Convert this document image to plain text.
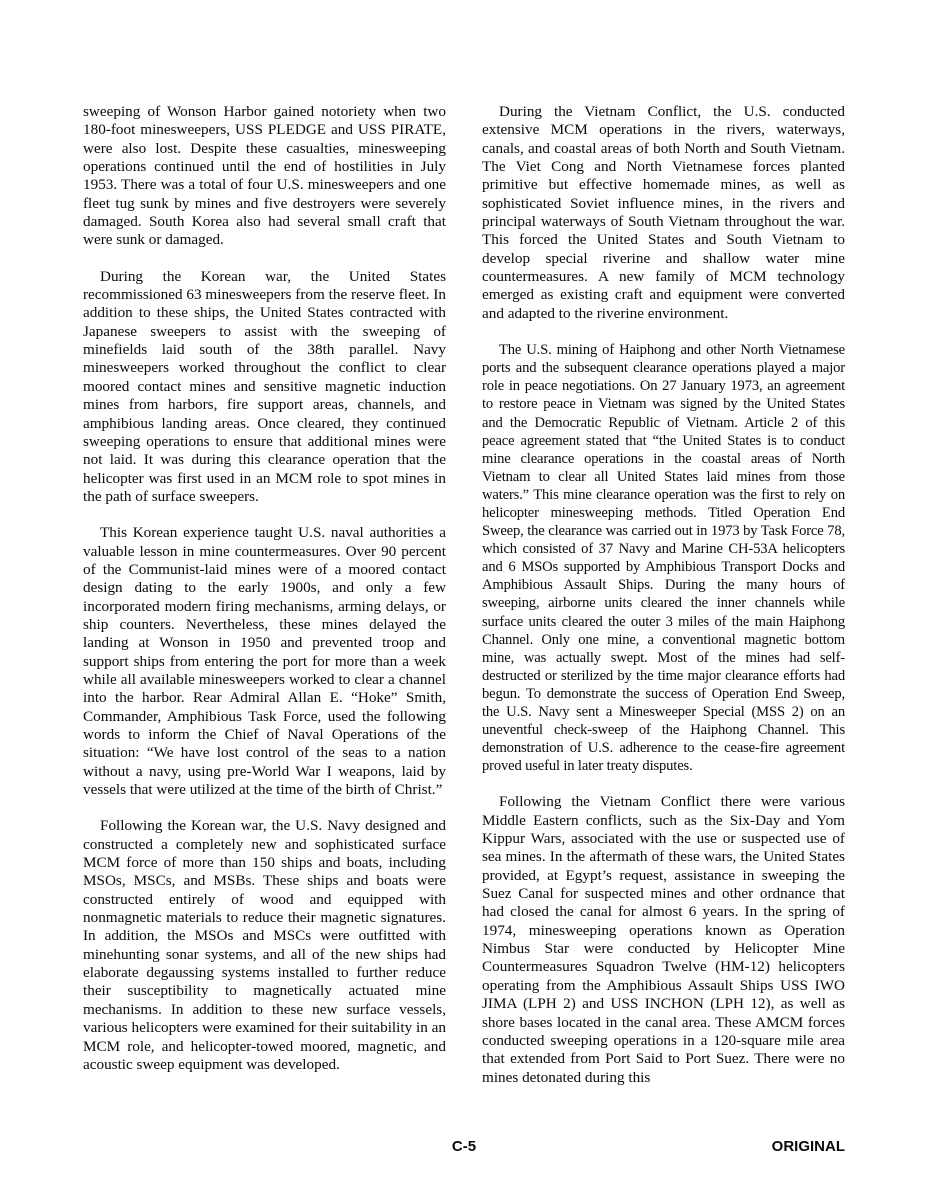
sweeping of Wonson Harbor gained notoriety when two 180-foot minesweepers, USS PLEDGE and USS PIRATE, were also lost. Despite these casualties, minesweeping operations continued until the end of hostilities in July 1953. There was a total of four U.S. minesweepers and one fleet tug sunk by mines and five destroyers were severely damaged. South Korea also had several small craft that were sunk or damaged.

During the Korean war, the United States recommissioned 63 minesweepers from the reserve fleet. In addition to these ships, the United States contracted with Japanese sweepers to assist with the sweeping of minefields laid south of the 38th parallel. Navy minesweepers worked throughout the conflict to clear moored contact mines and sensitive magnetic induction mines from harbors, fire support areas, channels, and amphibious landing areas. Once cleared, they continued sweeping operations to ensure that additional mines were not laid. It was during this clearance operation that the helicopter was first used in an MCM role to spot mines in the path of surface sweepers.

This Korean experience taught U.S. naval authorities a valuable lesson in mine countermeasures. Over 90 percent of the Communist-laid mines were of a moored contact design dating to the early 1900s, and only a few incorporated modern firing mechanisms, arming delays, or ship counters. Nevertheless, these mines delayed the landing at Wonson in 1950 and prevented troop and support ships from entering the port for more than a week while all available minesweepers worked to clear a channel into the harbor. Rear Admiral Allan E. “Hoke” Smith, Commander, Amphibious Task Force, used the following words to inform the Chief of Naval Operations of the situation: “We have lost control of the seas to a nation without a navy, using pre-World War I weapons, laid by vessels that were utilized at the time of the birth of Christ.”

Following the Korean war, the U.S. Navy designed and constructed a completely new and sophisticated surface MCM force of more than 150 ships and boats, including MSOs, MSCs, and MSBs. These ships and boats were constructed entirely of wood and equipped with nonmagnetic materials to reduce their magnetic signatures. In addition, the MSOs and MSCs were outfitted with minehunting sonar systems, and all of the new ships had elaborate degaussing systems installed to further reduce their susceptibility to magnetically actuated mine mechanisms. In addition to these new surface vessels, various helicopters were examined for their suitability in an MCM role, and helicopter-towed moored, magnetic, and acoustic sweep equipment was developed.

During the Vietnam Conflict, the U.S. conducted extensive MCM operations in the rivers, waterways, canals, and coastal areas of both North and South Vietnam. The Viet Cong and North Vietnamese forces planted primitive but effective homemade mines, as well as sophisticated Soviet influence mines, in the rivers and principal waterways of South Vietnam throughout the war. This forced the United States and South Vietnam to develop special riverine and shallow water mine countermeasures. A new family of MCM technology emerged as existing craft and equipment were converted and adapted to the riverine environment.

The U.S. mining of Haiphong and other North Vietnamese ports and the subsequent clearance operations played a major role in peace negotiations. On 27 January 1973, an agreement to restore peace in Vietnam was signed by the United States and the Democratic Republic of Vietnam. Article 2 of this peace agreement stated that “the United States is to conduct mine clearance operations in the coastal areas of North Vietnam to clear all United States laid mines from those waters.” This mine clearance operation was the first to rely on helicopter minesweeping methods. Titled Operation End Sweep, the clearance was carried out in 1973 by Task Force 78, which consisted of 37 Navy and Marine CH-53A helicopters and 6 MSOs supported by Amphibious Transport Docks and Amphibious Assault Ships. During the many hours of sweeping, airborne units cleared the inner channels while surface units cleared the outer 3 miles of the main Haiphong Channel. Only one mine, a conventional magnetic bottom mine, was actually swept. Most of the mines had self-destructed or sterilized by the time major clearance efforts had begun. To demonstrate the success of Operation End Sweep, the U.S. Navy sent a Minesweeper Special (MSS 2) on an uneventful check-sweep of the Haiphong Channel. This demonstration of U.S. adherence to the cease-fire agreement proved useful in later treaty disputes.

Following the Vietnam Conflict there were various Middle Eastern conflicts, such as the Six-Day and Yom Kippur Wars, associated with the use or suspected use of sea mines. In the aftermath of these wars, the United States provided, at Egypt’s request, assistance in sweeping the Suez Canal for suspected mines and other ordnance that had closed the canal for almost 6 years. In the spring of 1974, minesweeping operations known as Operation Nimbus Star were conducted by Helicopter Mine Countermeasures Squadron Twelve (HM-12) helicopters operating from the Amphibious Assault Ships USS IWO JIMA (LPH 2) and USS INCHON (LPH 12), as well as shore bases located in the canal area. These AMCM forces conducted sweeping operations in a 120-square mile area that extended from Port Said to Port Suez. There were no mines detonated during this

C-5	ORIGINAL
